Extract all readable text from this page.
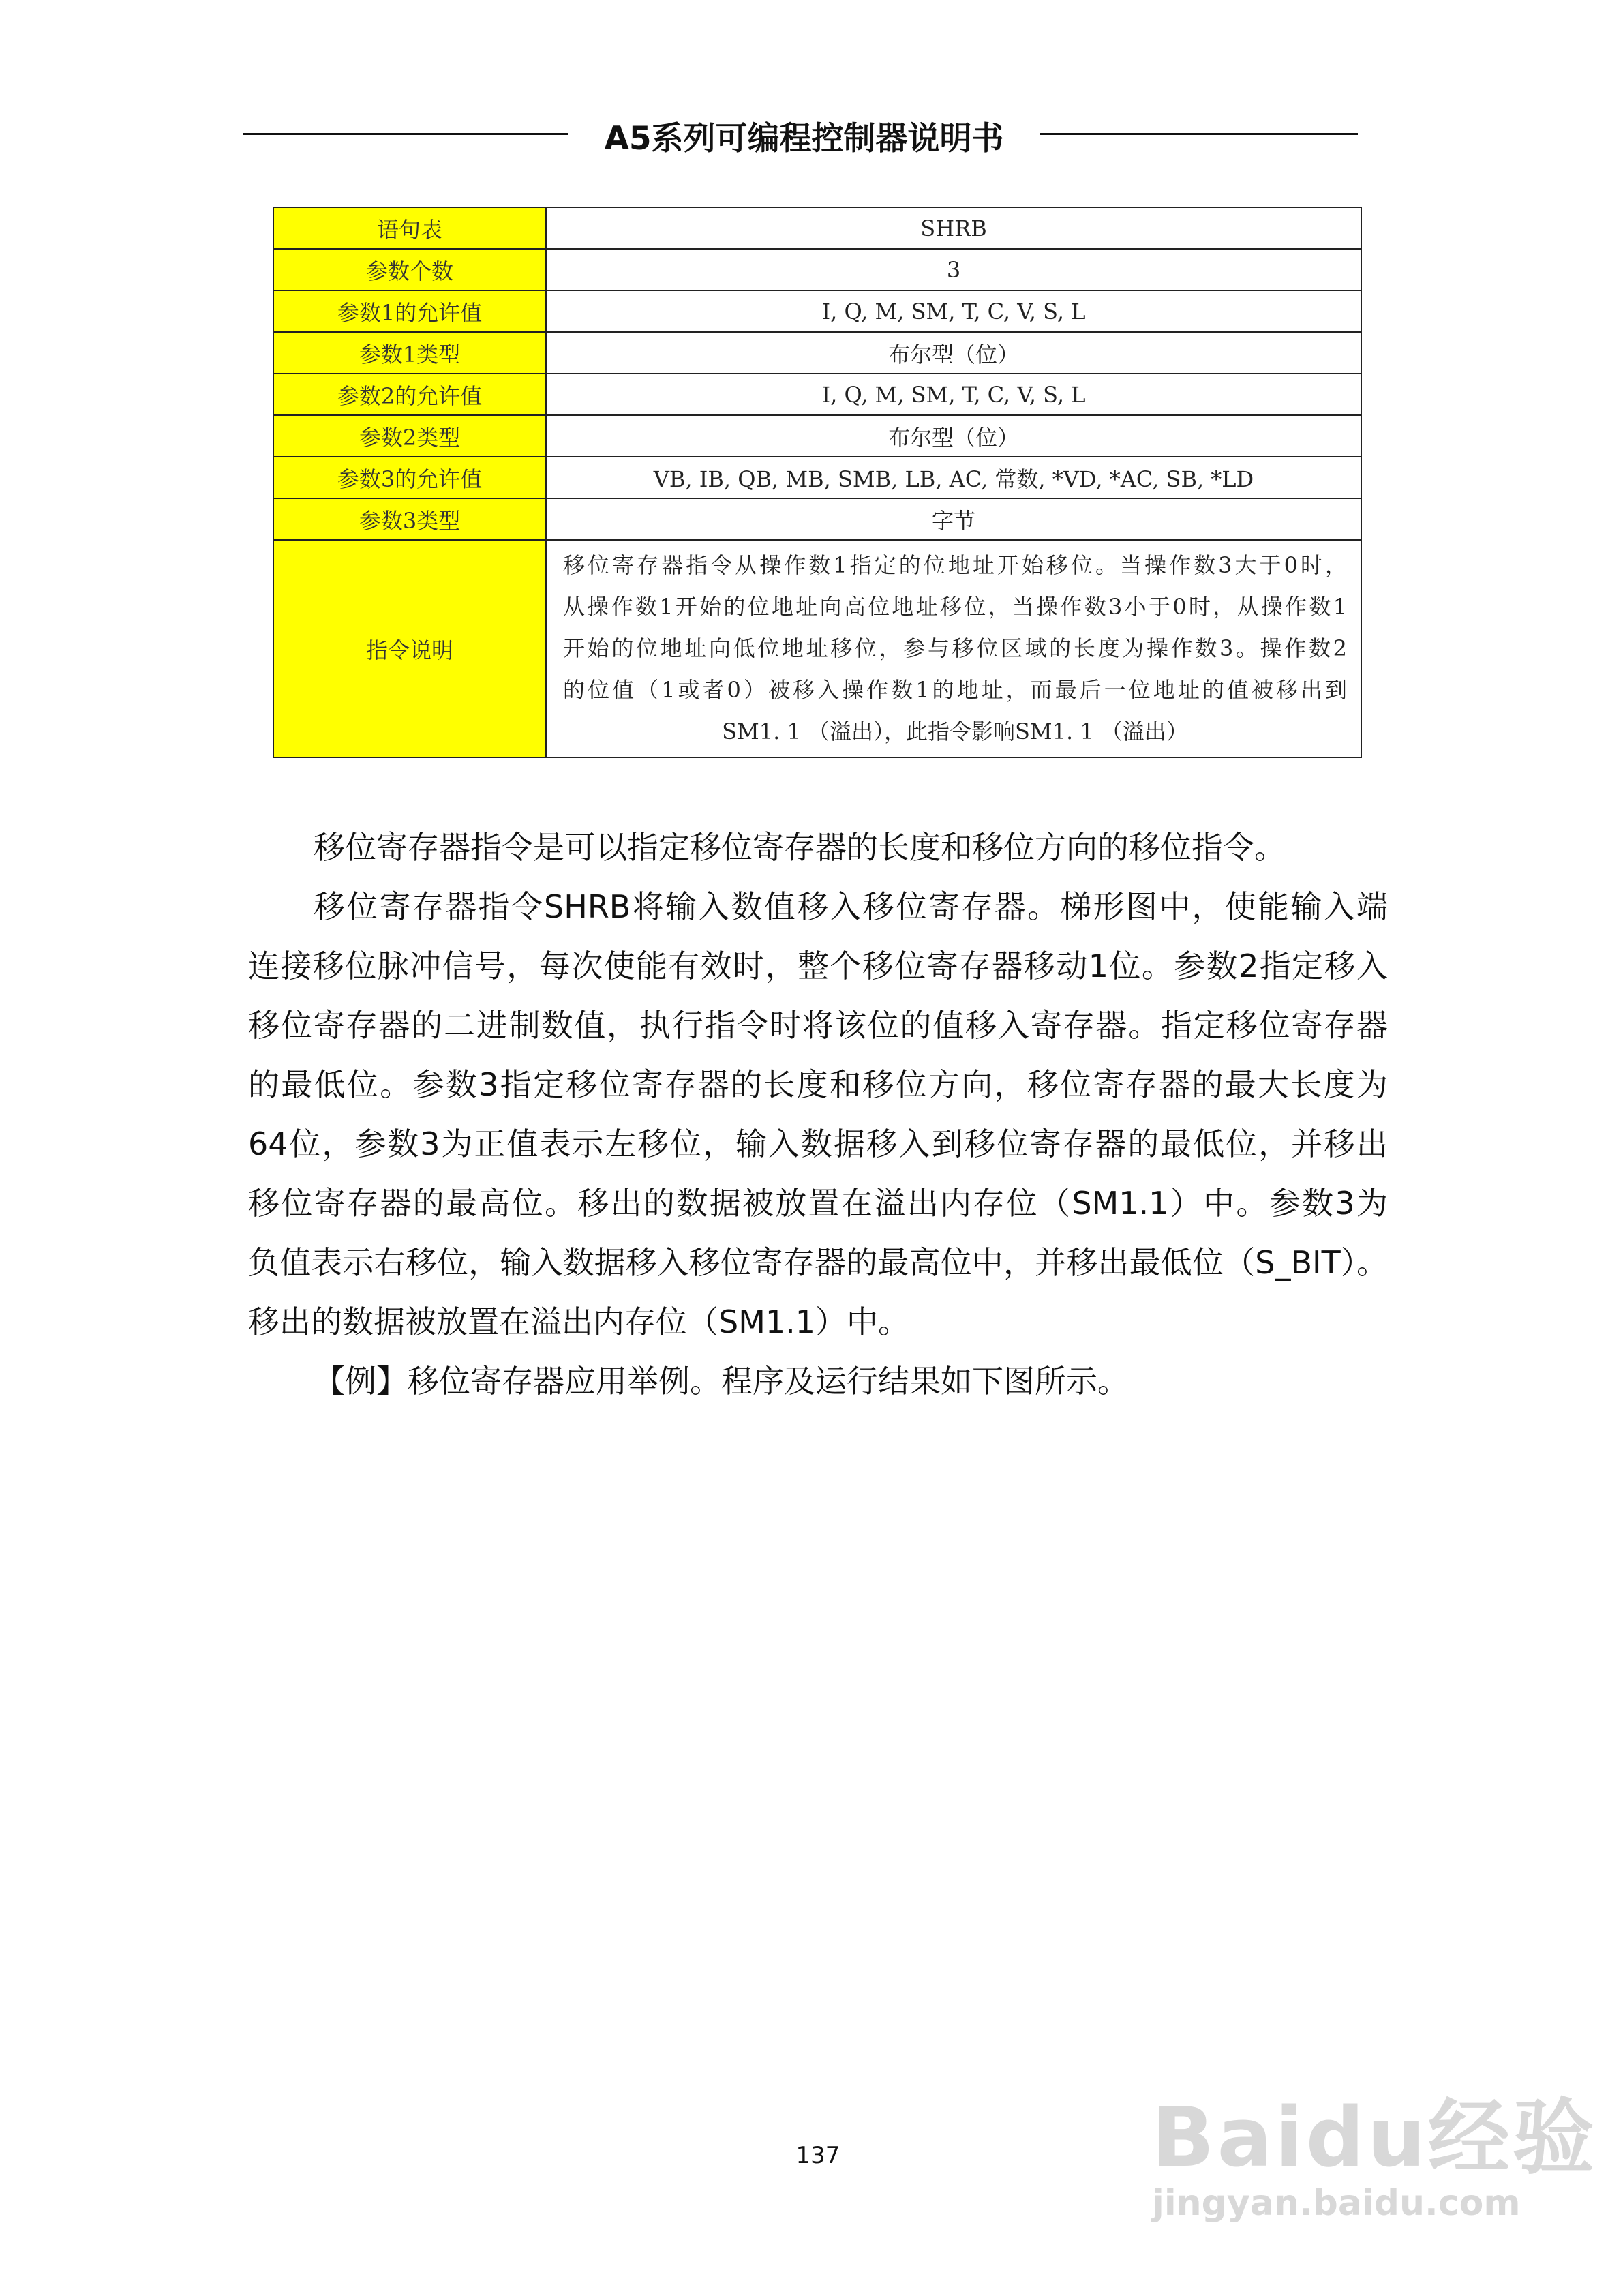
A5系列可编程控制器说明书
语句表	SHRB
参数个数	3
参数1的允许值	I, Q, M, SM, T, C, V, S, L
参数1类型	布尔型（位）
参数2的允许值	I, Q, M, SM, T, C, V, S, L
参数2类型	布尔型（位）
参数3的允许值	VB, IB, QB, MB, SMB, LB, AC, 常数, *VD, *AC, SB, *LD
参数3类型	字节
指令说明	移位寄存器指令从操作数1指定的位地址开始移位。当操作数3大于0时，
从操作数1开始的位地址向高位地址移位，当操作数3小于0时，从操作数1
开始的位地址向低位地址移位，参与移位区域的长度为操作数3。操作数2
的位值（1或者0）被移入操作数1的地址，而最后一位地址的值被移出到
SM1. 1 （溢出），此指令影响SM1. 1 （溢出）
移位寄存器指令是可以指定移位寄存器的长度和移位方向的移位指令。
移位寄存器指令SHRB将输入数值移入移位寄存器。梯形图中，使能输入端
连接移位脉冲信号，每次使能有效时，整个移位寄存器移动1位。参数2指定移入
移位寄存器的二进制数值，执行指令时将该位的值移入寄存器。指定移位寄存器
的最低位。参数3指定移位寄存器的长度和移位方向，移位寄存器的最大长度为
64位，参数3为正值表示左移位，输入数据移入到移位寄存器的最低位，并移出
移位寄存器的最高位。移出的数据被放置在溢出内存位（SM1.1）中。参数3为
负值表示右移位，输入数据移入移位寄存器的最高位中，并移出最低位（S_BIT）。
移出的数据被放置在溢出内存位（SM1.1）中。
【例】移位寄存器应用举例。程序及运行结果如下图所示。
137	Baidu经验
jingyan.baidu.com
